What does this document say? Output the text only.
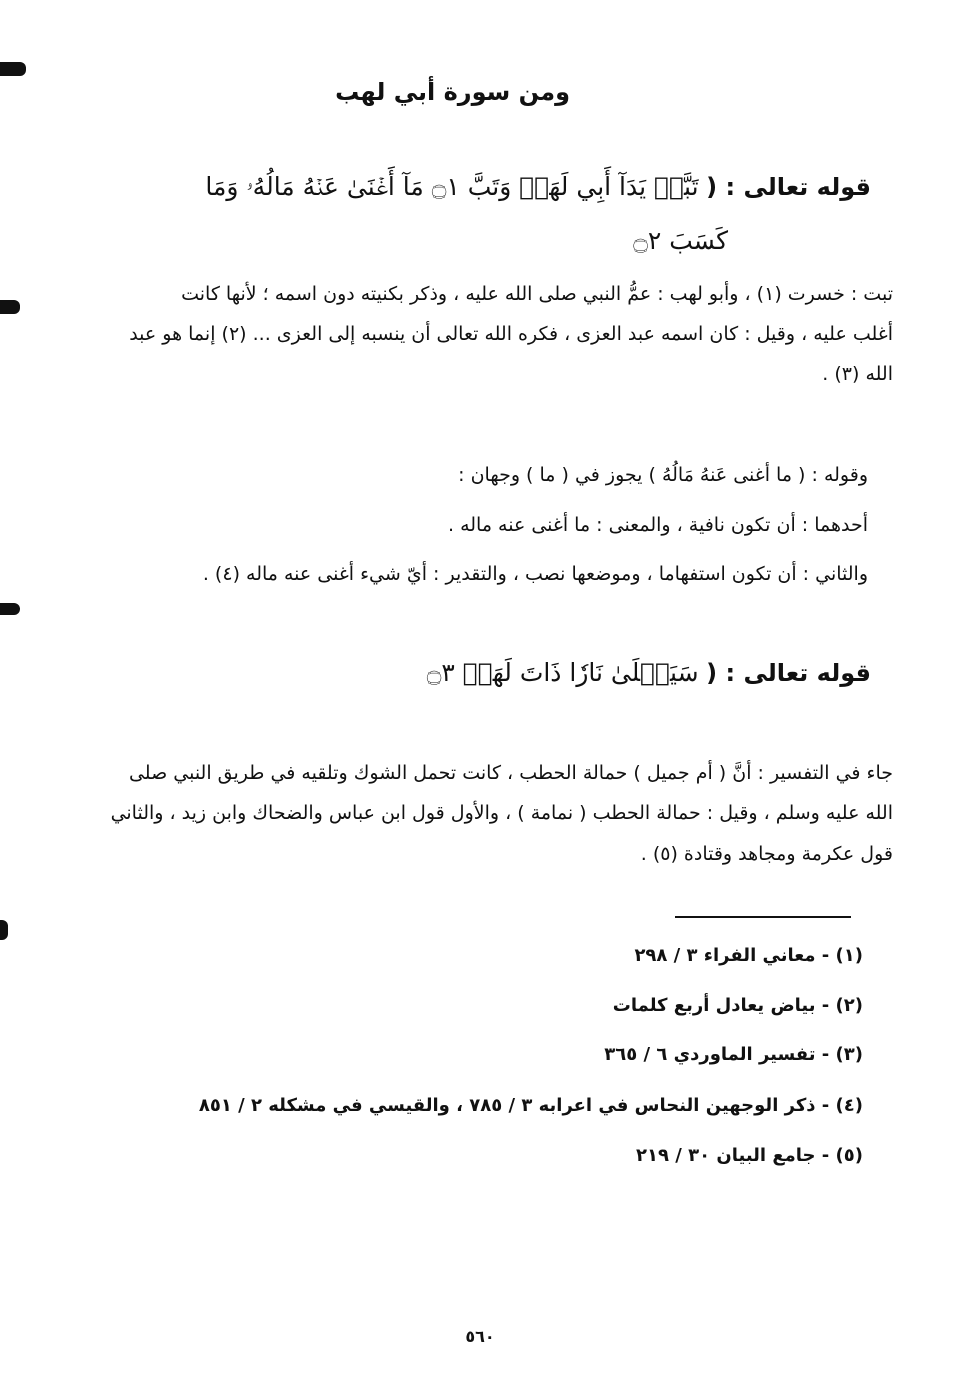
ومن سورة أبي لهب
قوله تعالى : ( تَبَّتۡ يَدَآ أَبِي لَهَبٖ وَتَبَّ ۝١ مَآ أَغۡنَىٰ عَنۡهُ مَالُهُۥ وَمَا
كَسَبَ ۝٢
تبت : خسرت (١) ، وأبو لهب : عمُّ النبي صلى الله عليه ، وذكر بكنيته دون اسمه ؛ لأنها كانت
أغلب عليه ، وقيل : كان اسمه عبد العزى ، فكره الله تعالى أن ينسبه إلى العزى ... (٢) إنما هو عبد
الله (٣) .
وقوله : ( ما أغنى عَنهُ مَالُهُ ) يجوز في ( ما ) وجهان :
أحدهما : أن تكون نافية ، والمعنى : ما أغنى عنه ماله .
والثاني : أن تكون استفهاما ، وموضعها نصب ، والتقدير : أيّ شيء أغنى عنه ماله (٤) .
قوله تعالى : ( سَيَصۡلَىٰ نَارٗا ذَاتَ لَهَبٖ ۝٣
جاء في التفسير : أنَّ ( أم جميل ) حمالة الحطب ، كانت تحمل الشوك وتلقيه في طريق النبي صلى
الله عليه وسلم ، وقيل : حمالة الحطب ( نمامة ) ، والأول قول ابن عباس والضحاك وابن زيد ، والثاني
قول عكرمة ومجاهد وقتادة (٥) .
(١) - معاني الفراء ٣ / ٢٩٨
(٢) - بياض يعادل أربع كلمات
(٣) - تفسير الماوردي ٦ / ٣٦٥
(٤) - ذكر الوجهين النحاس في اعرابه ٣ / ٧٨٥ ، والقيسي في مشكله ٢ / ٨٥١
(٥) - جامع البيان ٣٠ / ٢١٩
٥٦٠
